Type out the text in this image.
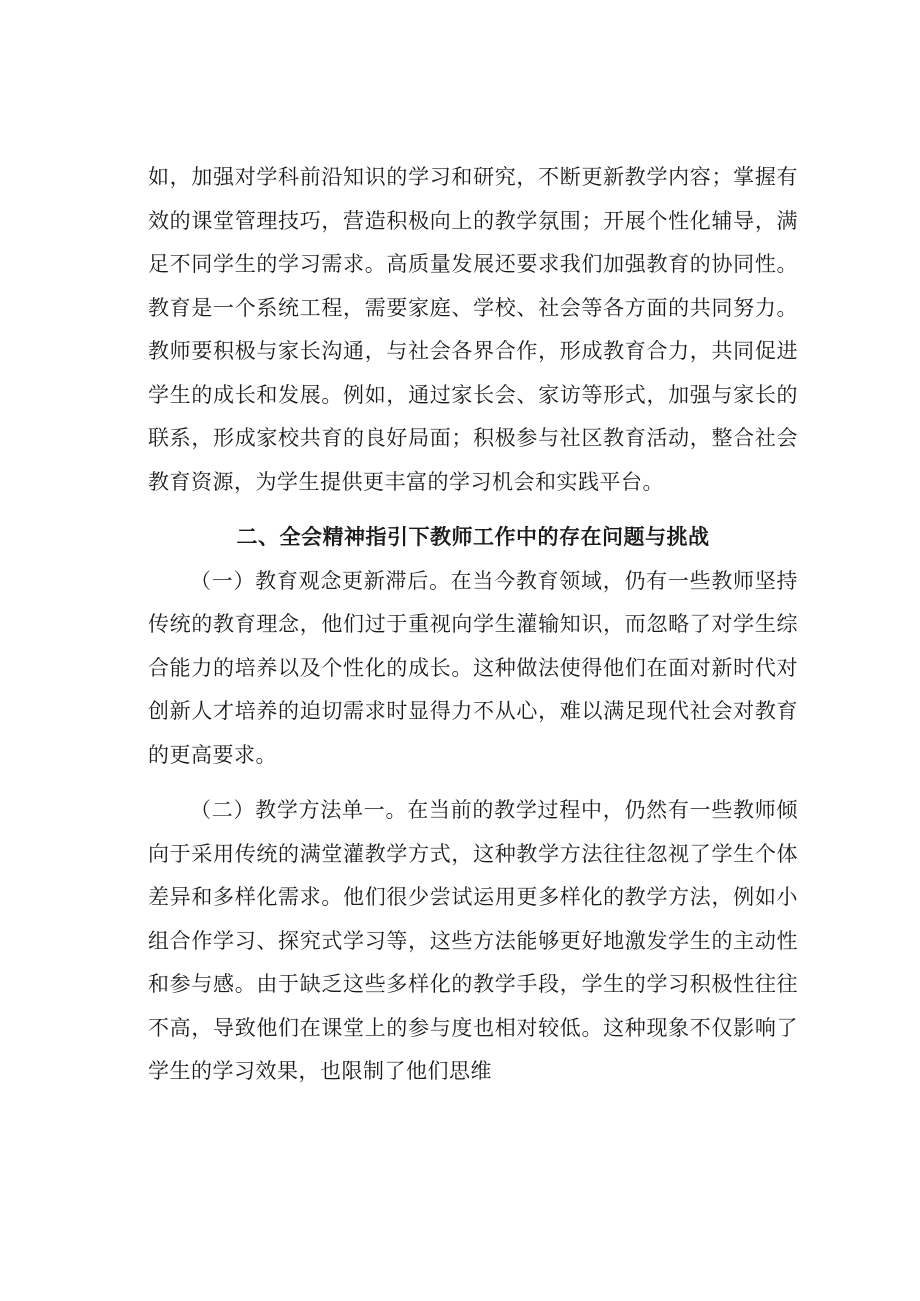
如，加强对学科前沿知识的学习和研究，不断更新教学内容；掌握有效的课堂管理技巧，营造积极向上的教学氛围；开展个性化辅导，满足不同学生的学习需求。高质量发展还要求我们加强教育的协同性。教育是一个系统工程，需要家庭、学校、社会等各方面的共同努力。教师要积极与家长沟通，与社会各界合作，形成教育合力，共同促进学生的成长和发展。例如，通过家长会、家访等形式，加强与家长的联系，形成家校共育的良好局面；积极参与社区教育活动，整合社会教育资源，为学生提供更丰富的学习机会和实践平台。

二、全会精神指引下教师工作中的存在问题与挑战

（一）教育观念更新滞后。在当今教育领域，仍有一些教师坚持传统的教育理念，他们过于重视向学生灌输知识，而忽略了对学生综合能力的培养以及个性化的成长。这种做法使得他们在面对新时代对创新人才培养的迫切需求时显得力不从心，难以满足现代社会对教育的更高要求。

（二）教学方法单一。在当前的教学过程中，仍然有一些教师倾向于采用传统的满堂灌教学方式，这种教学方法往往忽视了学生个体差异和多样化需求。他们很少尝试运用更多样化的教学方法，例如小组合作学习、探究式学习等，这些方法能够更好地激发学生的主动性和参与感。由于缺乏这些多样化的教学手段，学生的学习积极性往往不高，导致他们在课堂上的参与度也相对较低。这种现象不仅影响了学生的学习效果，也限制了他们思维
